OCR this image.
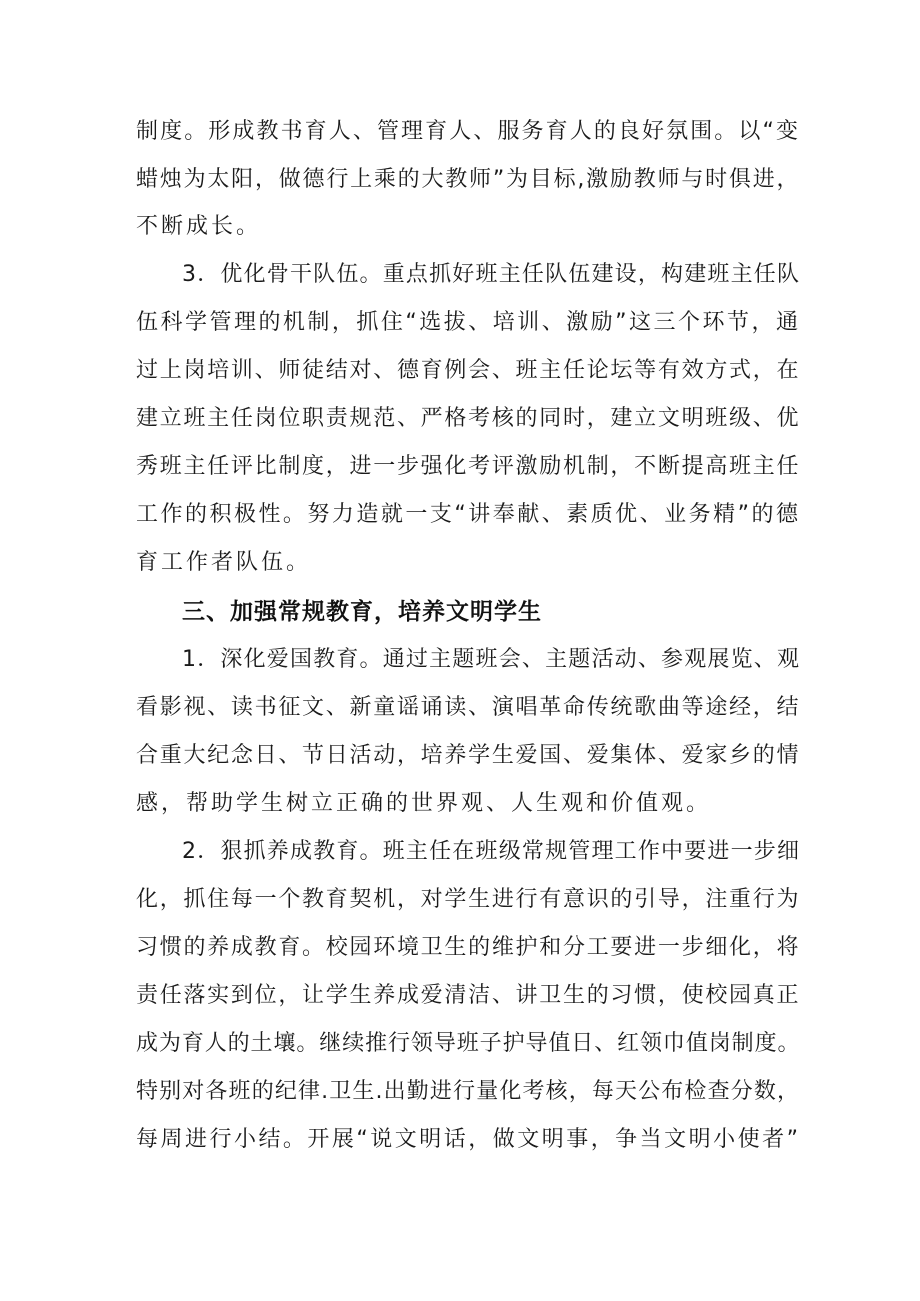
制度。形成教书育人、管理育人、服务育人的良好氛围。以“变
蜡烛为太阳，做德行上乘的大教师”为目标,激励教师与时俱进，
不断成长。
3．优化骨干队伍。重点抓好班主任队伍建设，构建班主任队
伍科学管理的机制，抓住“选拔、培训、激励”这三个环节，通
过上岗培训、师徒结对、德育例会、班主任论坛等有效方式，在
建立班主任岗位职责规范、严格考核的同时，建立文明班级、优
秀班主任评比制度，进一步强化考评激励机制，不断提高班主任
工作的积极性。努力造就一支“讲奉献、素质优、业务精”的德
育工作者队伍。
三、加强常规教育，培养文明学生
1．深化爱国教育。通过主题班会、主题活动、参观展览、观
看影视、读书征文、新童谣诵读、演唱革命传统歌曲等途经，结
合重大纪念日、节日活动，培养学生爱国、爱集体、爱家乡的情
感，帮助学生树立正确的世界观、人生观和价值观。
2．狠抓养成教育。班主任在班级常规管理工作中要进一步细
化，抓住每一个教育契机，对学生进行有意识的引导，注重行为
习惯的养成教育。校园环境卫生的维护和分工要进一步细化，将
责任落实到位，让学生养成爱清洁、讲卫生的习惯，使校园真正
成为育人的土壤。继续推行领导班子护导值日、红领巾值岗制度。
特别对各班的纪律.卫生.出勤进行量化考核，每天公布检查分数，
每周进行小结。开展“说文明话，做文明事，争当文明小使者”
